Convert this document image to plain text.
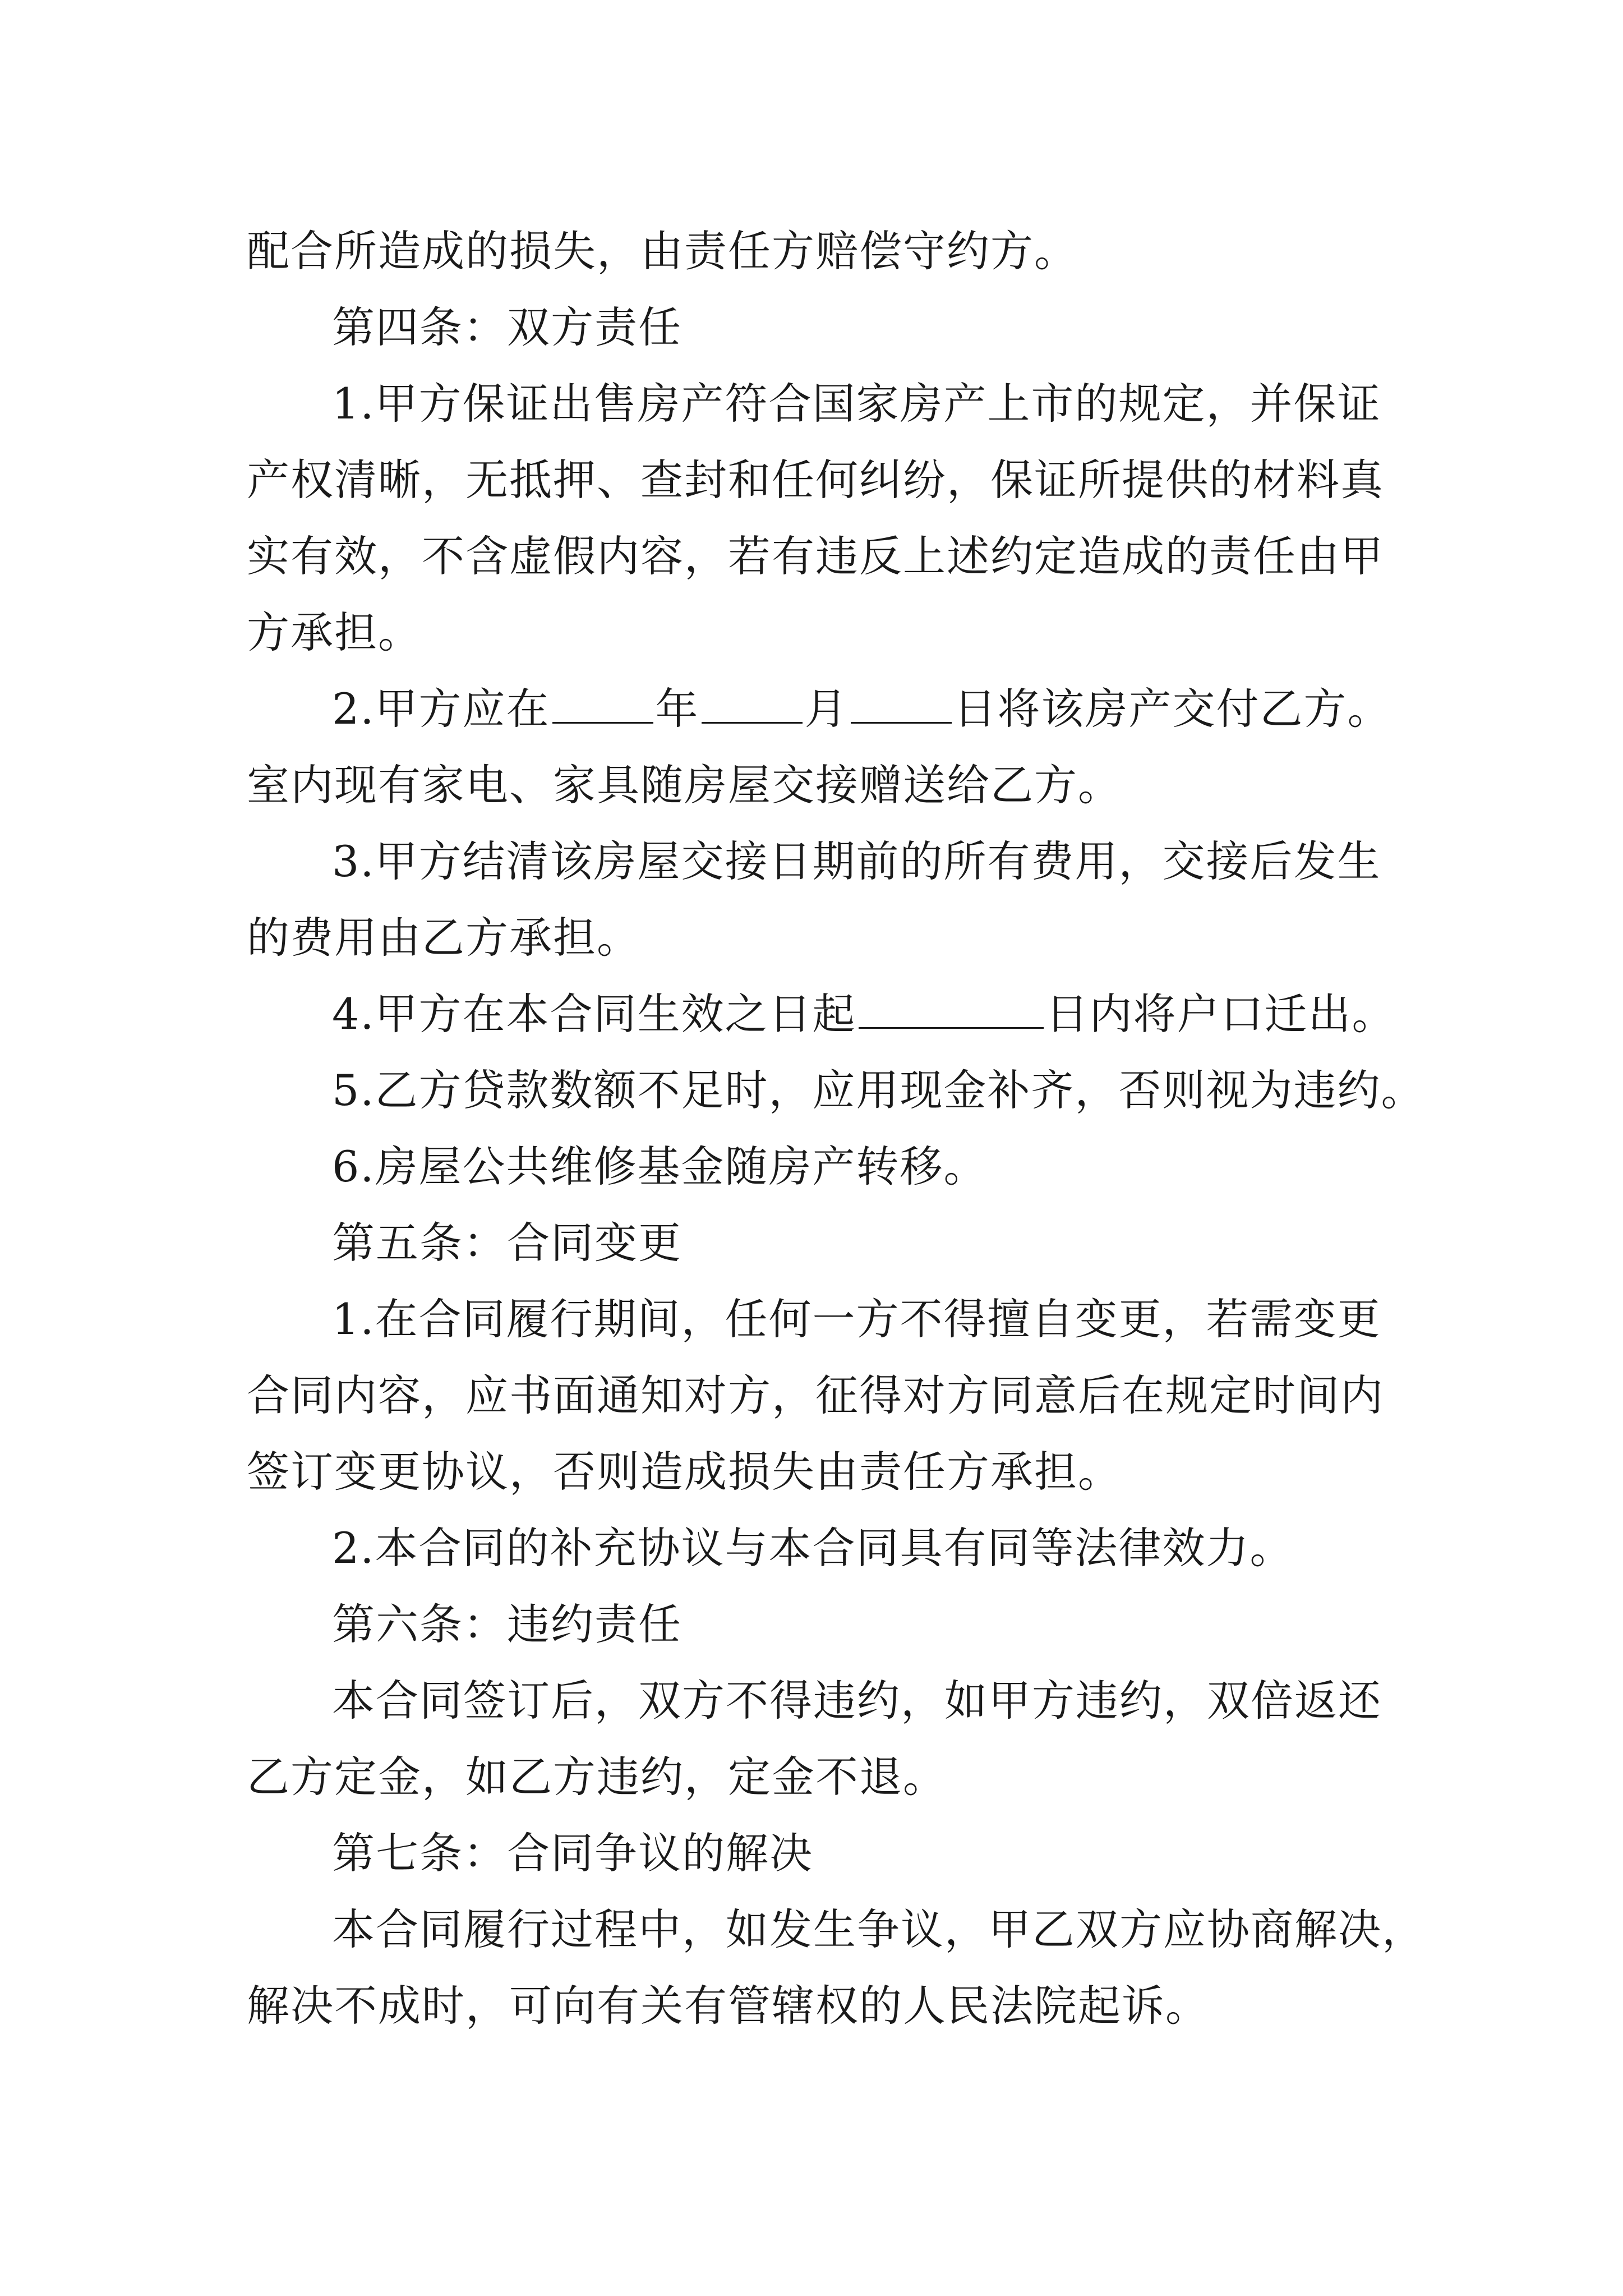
配合所造成的损失，由责任方赔偿守约方。
第四条：双方责任
1.甲方保证出售房产符合国家房产上市的规定，并保证
产权清晰，无抵押、查封和任何纠纷，保证所提供的材料真
实有效，不含虚假内容，若有违反上述约定造成的责任由甲
方承担。
2.甲方应在 年 月 日将该房产交付乙方。
室内现有家电、家具随房屋交接赠送给乙方。
3.甲方结清该房屋交接日期前的所有费用，交接后发生
的费用由乙方承担。
4.甲方在本合同生效之日起	日内将户口迁出。
5.乙方贷款数额不足时，应用现金补齐，否则视为违约。
6.房屋公共维修基金随房产转移。
第五条：合同变更
1.在合同履行期间，任何一方不得擅自变更，若需变更
合同内容，应书面通知对方，征得对方同意后在规定时间内
签订变更协议，否则造成损失由责任方承担。
2.本合同的补充协议与本合同具有同等法律效力。
第六条：违约责任
本合同签订后，双方不得违约，如甲方违约，双倍返还
乙方定金，如乙方违约，定金不退。
第七条：合同争议的解决
本合同履行过程中，如发生争议，甲乙双方应协商解决，
解决不成时，可向有关有管辖权的人民法院起诉。
